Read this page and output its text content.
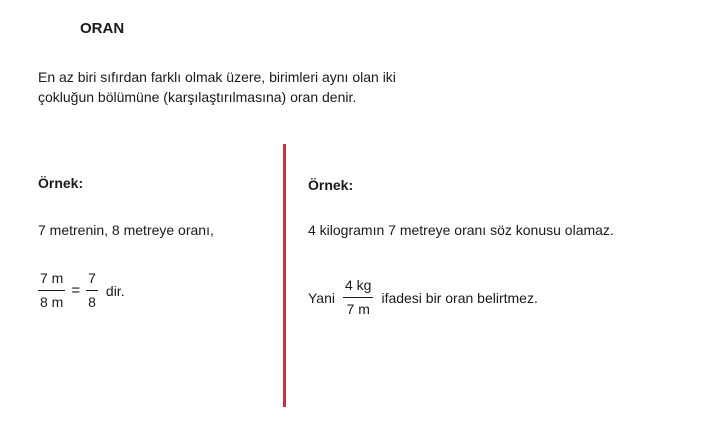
ORAN
En az biri sıfırdan farklı olmak üzere, birimleri aynı olan iki
çokluğun bölümüne (karşılaştırılmasına) oran denir.
Örnek:
7 metrenin, 8 metreye oranı,
$\frac{7 m}{8 m} = \frac{7}{8}$ dir.
Örnek:
4 kilogramın 7 metreye oranı söz konusu olamaz.
Yani $\frac{4 kg}{7 m}$ ifadesi bir oran belirtmez.
